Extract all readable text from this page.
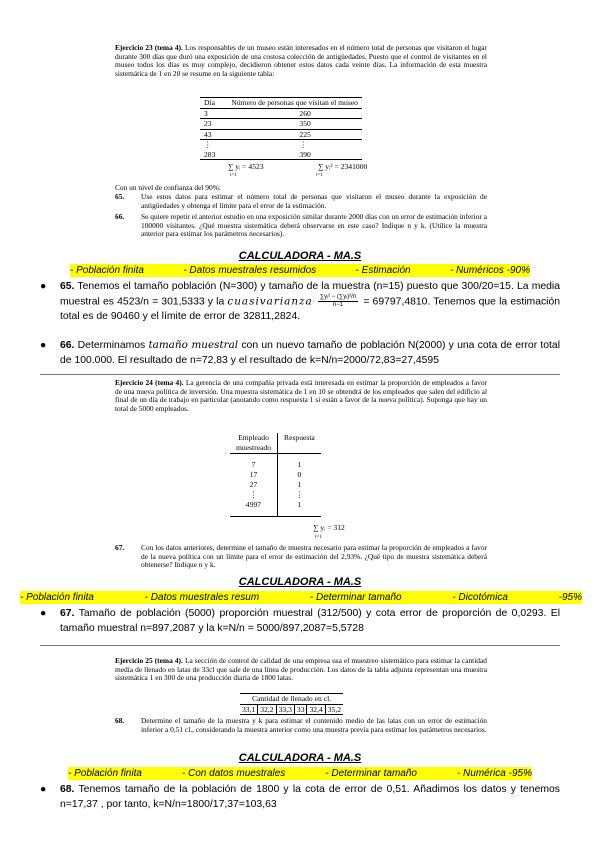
Ejercicio 23 (tema 4). Los responsables de un museo están interesados en el número total de personas que visitaron el lugar durante 300 días que duró una exposición de una costosa colección de antigüedades. Puesto que el control de visitantes en el museo todos los días es muy complejo, decidieron obtener estos datos cada veinte días. La información de esta muestra sistemática de 1 en 20 se resume en la siguiente tabla:
Día	Número de personas que visitan el museo
3	260
23	350
43	225
⋮	⋮
283	390
∑ yᵢ = 4523	∑ yᵢ² = 2341000
i=1	i=1
Con un nivel de confianza del 90%:
65.	Use estos datos para estimar el número total de personas que visitaron el museo durante la exposición de antigüedades y obtenga el límite para el error de la estimación.
66.	Se quiere repetir el anterior estudio en una exposición similar durante 2000 días con un error de estimación inferior a 100000 visitantes. ¿Qué muestra sistemática deberá observarse en este caso? Indique n y k. (Utilice la muestra anterior para estimar los parámetros necesarios).
CALCULADORA - MA.S
- Población finita	- Datos muestrales resumidos	- Estimación	- Numéricos -90%
● 65. Tenemos el tamaño población (N=300) y tamaño de la muestra (n=15) puesto que 300/20=15. La media muestral es 4523/n = 301,5333 y la cuasivarianza $\frac{\text{∑yᵢ² − (∑yᵢ)²/n}}{n-1} = 69797,4810$. Tenemos que la estimación total es de 90460 y el límite de error de 32811,2824.
● 66. Determinamos tamaño muestral con un nuevo tamaño de población N(2000) y una cota de error total de 100.000. El resultado de n=72,83 y el resultado de k=N/n=2000/72,83=27,4595
Ejercicio 24 (tema 4). La gerencia de una compañía privada está interesada en estimar la proporción de empleados a favor de una nueva política de inversión. Una muestra sistemática de 1 en 10 se obtendrá de los empleados que salen del edificio al final de un día de trabajo en particular (anotando como respuesta 1 si están a favor de la nueva política). Suponga que hay un total de 5000 empleados.
Empleado
muestreado	Respuesta
7	1
17	0
27	1
⋮	⋮
4997	1
∑ yᵢ = 312
i=1
67.	Con los datos anteriores, determine el tamaño de muestra necesario para estimar la proporción de empleados a favor de la nueva política con un límite para el error de estimación del 2,93%. ¿Qué tipo de muestra sistemática deberá obtenerse? Indique n y k.
CALCULADORA - MA.S
- Población finita	- Datos muestrales resum	- Determinar tamaño	- Dicotómica	-95%
● 67. Tamaño de población (5000) proporción muestral (312/500) y cota error de proporción de 0,0293. El tamaño muestral n=897,2087 y la k=N/n = 5000/897,2087=5,5728
Ejercicio 25 (tema 4). La sección de control de calidad de una empresa usa el muestreo sistemático para estimar la cantidad media de llenado en latas de 33cl que sale de una línea de producción. Los datos de la tabla adjunta representan una muestra sistemática 1 en 300 de una producción diaria de 1800 latas.
Cantidad de llenado en cl.
33,1	32,2	33,3	33	32,4	35,2
68.	Determine el tamaño de la muestra y k para estimar el contenido medio de las latas con un error de estimación inferior a 0,51 cl., considerando la muestra anterior como una muestra previa para estimar los parámetros necesarios.
CALCULADORA - MA.S
- Población finita	- Con datos muestrales	- Determinar tamaño	- Numérica -95%
● 68. Tenemos tamaño de la población de 1800 y la cota de error de 0,51. Añadimos los datos y tenemos n=17,37 , por tanto, k=N/n=1800/17,37=103,63
